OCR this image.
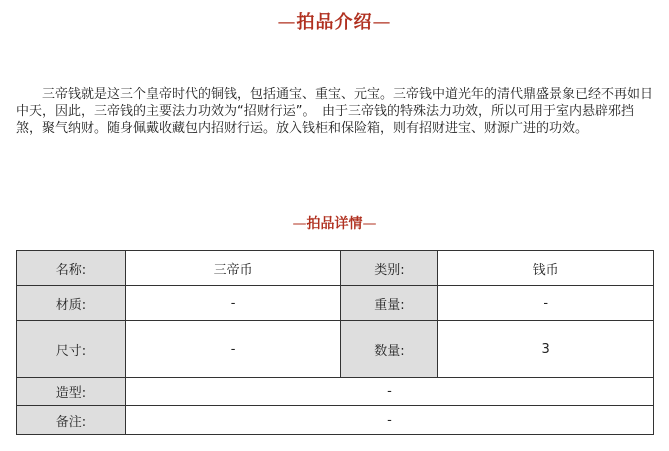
—拍品介绍—

  三帝钱就是这三个皇帝时代的铜钱，包括通宝、重宝、元宝。三帝钱中道光年的清代鼎盛景象已经不再如日中天，因此，三帝钱的主要法力功效为“招财行运”。　由于三帝钱的特殊法力功效，所以可用于室内悬辟邪挡煞，聚气纳财。随身佩戴收藏包内招财行运。放入钱柜和保险箱，则有招财进宝、财源广进的功效。

—拍品详情—
名称:	三帝币	类别:	钱币
材质:	-	重量:	-
尺寸:	-	数量:	3
造型:	-		
备注:	-		
